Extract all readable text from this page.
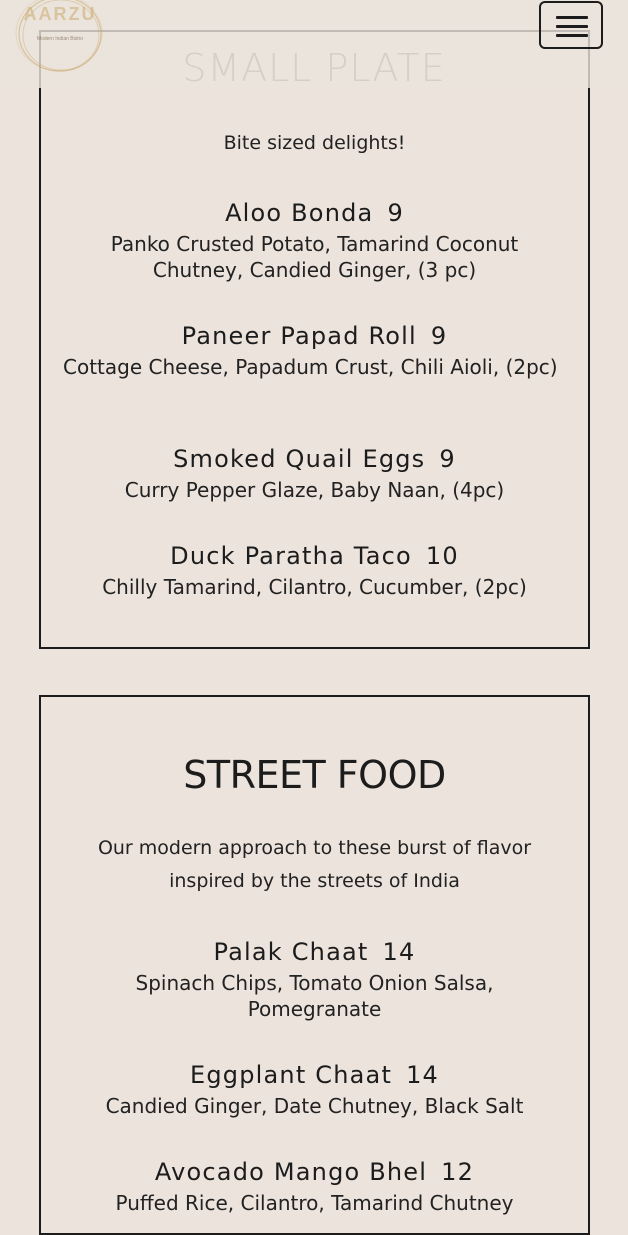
Bite sized delights!
Aloo Bonda 9
Panko Crusted Potato, Tamarind Coconut Chutney, Candied Ginger, (3 pc)
Paneer Papad Roll 9
Cottage Cheese, Papadum Crust, Chili Aioli, (2pc)
Smoked Quail Eggs 9
Curry Pepper Glaze, Baby Naan, (4pc)
Duck Paratha Taco 10
Chilly Tamarind, Cilantro, Cucumber, (2pc)
STREET FOOD
Our modern approach to these burst of flavor inspired by the streets of India
Palak Chaat 14
Spinach Chips, Tomato Onion Salsa, Pomegranate
Eggplant Chaat 14
Candied Ginger, Date Chutney, Black Salt
Avocado Mango Bhel 12
Puffed Rice, Cilantro, Tamarind Chutney
AARZU
Modern Indian Bistro
SMALL PLATE
